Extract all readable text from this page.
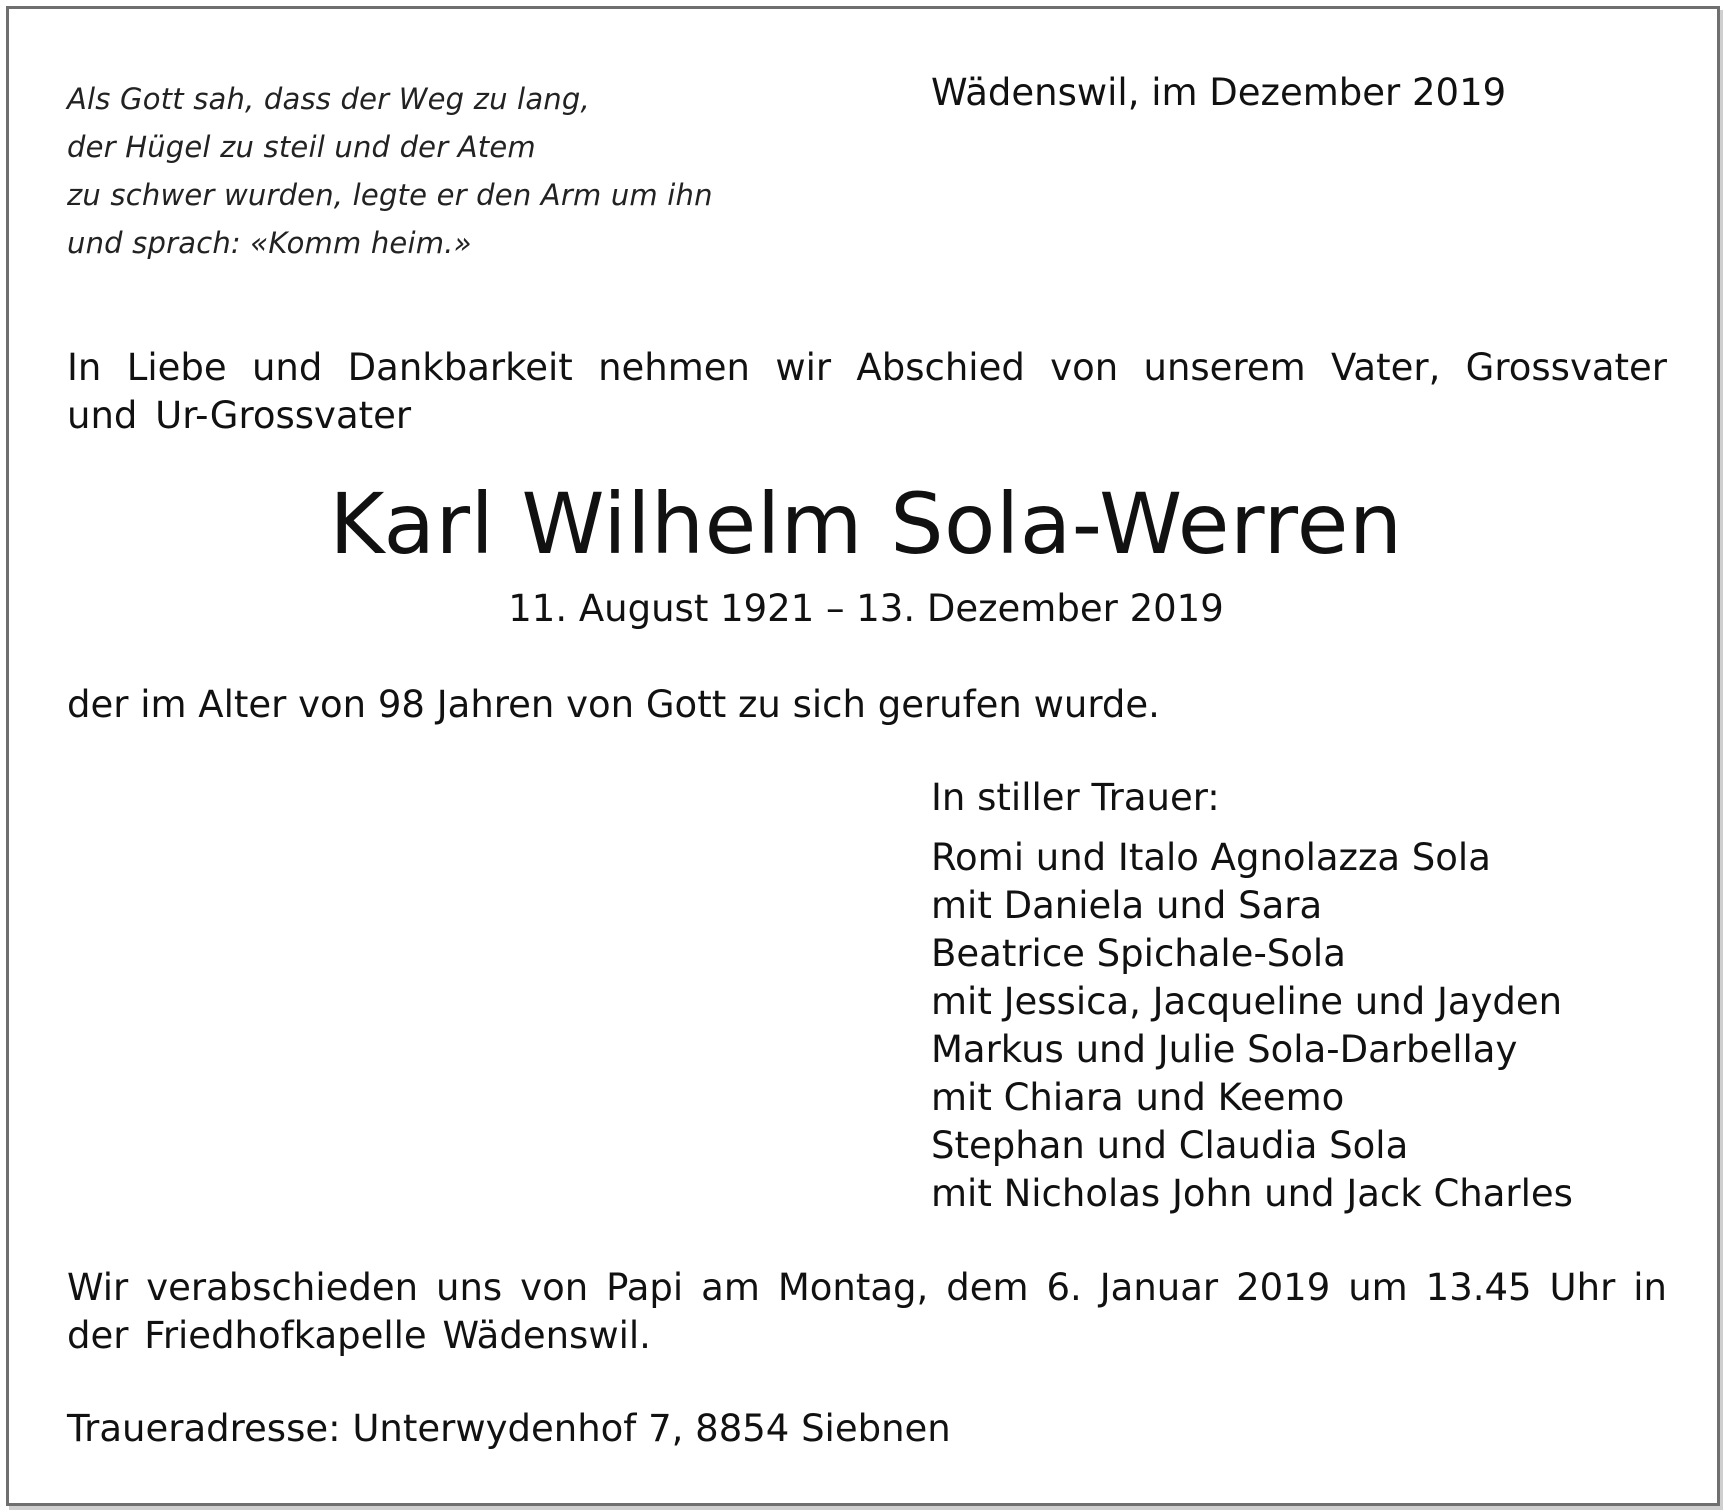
Als Gott sah, dass der Weg zu lang,
der Hügel zu steil und der Atem
zu schwer wurden, legte er den Arm um ihn
und sprach: «Komm heim.»
Wädenswil, im Dezember 2019
In Liebe und Dankbarkeit nehmen wir Abschied von unserem Vater, Grossvater und Ur-Grossvater
Karl Wilhelm Sola-Werren
11. August 1921 – 13. Dezember 2019
der im Alter von 98 Jahren von Gott zu sich gerufen wurde.
In stiller Trauer:
Romi und Italo Agnolazza Sola
mit Daniela und Sara
Beatrice Spichale-Sola
mit Jessica, Jacqueline und Jayden
Markus und Julie Sola-Darbellay
mit Chiara und Keemo
Stephan und Claudia Sola
mit Nicholas John und Jack Charles
Wir verabschieden uns von Papi am Montag, dem 6. Januar 2019 um 13.45 Uhr in der Friedhofkapelle Wädenswil.
Traueradresse: Unterwydenhof 7, 8854 Siebnen
